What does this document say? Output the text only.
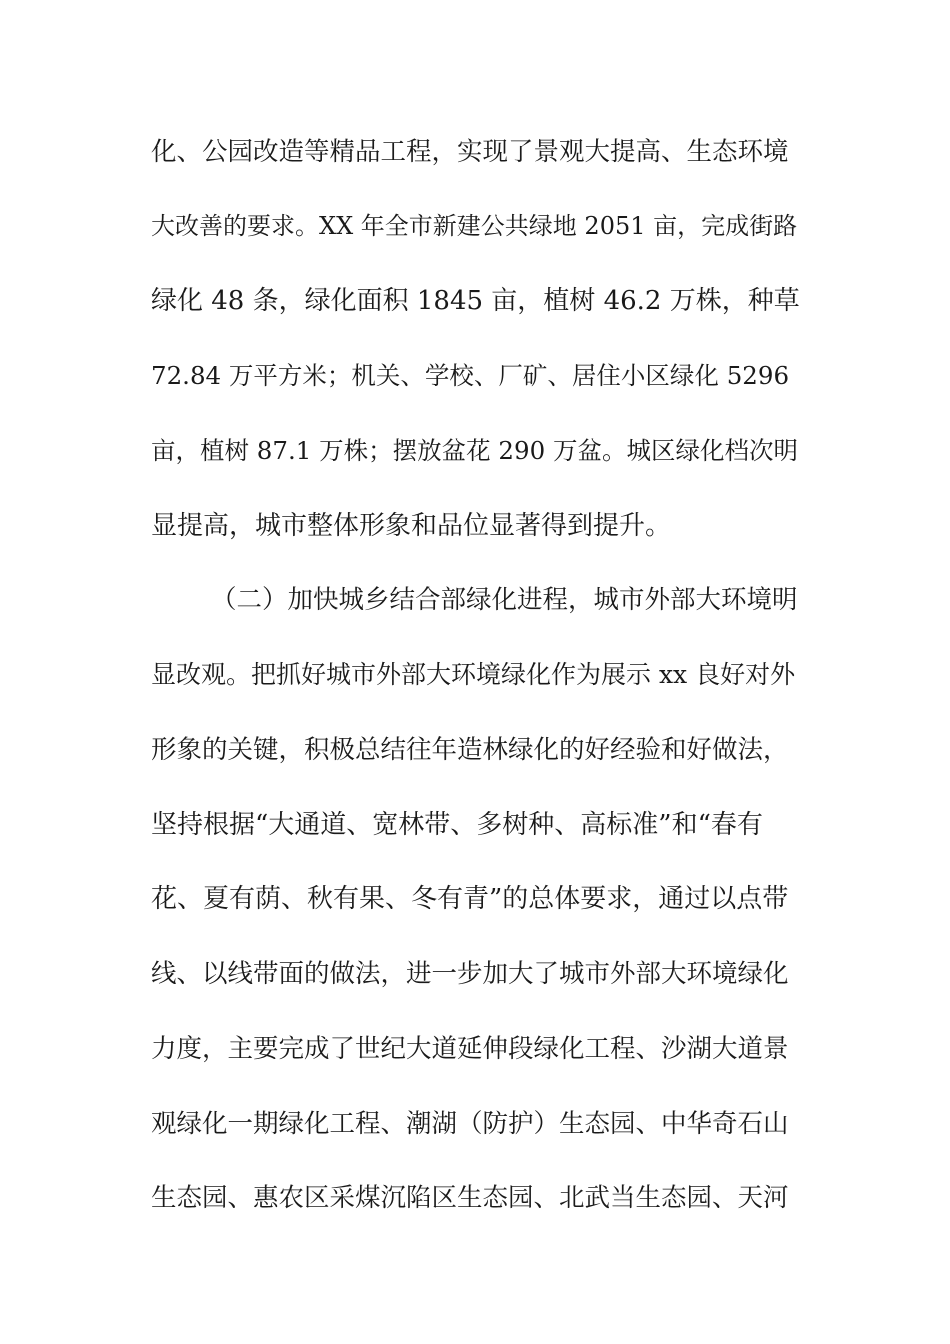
化、公园改造等精品工程，实现了景观大提高、生态环境
大改善的要求。XX 年全市新建公共绿地 2051 亩，完成街路
绿化 48 条，绿化面积 1845 亩，植树 46.2 万株，种草
72.84 万平方米；机关、学校、厂矿、居住小区绿化 5296
亩，植树 87.1 万株；摆放盆花 290 万盆。城区绿化档次明
显提高，城市整体形象和品位显著得到提升。
（二）加快城乡结合部绿化进程，城市外部大环境明
显改观。把抓好城市外部大环境绿化作为展示 xx 良好对外
形象的关键，积极总结往年造林绿化的好经验和好做法，
坚持根据“大通道、宽林带、多树种、高标准”和“春有
花、夏有荫、秋有果、冬有青”的总体要求，通过以点带
线、以线带面的做法，进一步加大了城市外部大环境绿化
力度，主要完成了世纪大道延伸段绿化工程、沙湖大道景
观绿化一期绿化工程、潮湖（防护）生态园、中华奇石山
生态园、惠农区采煤沉陷区生态园、北武当生态园、天河
